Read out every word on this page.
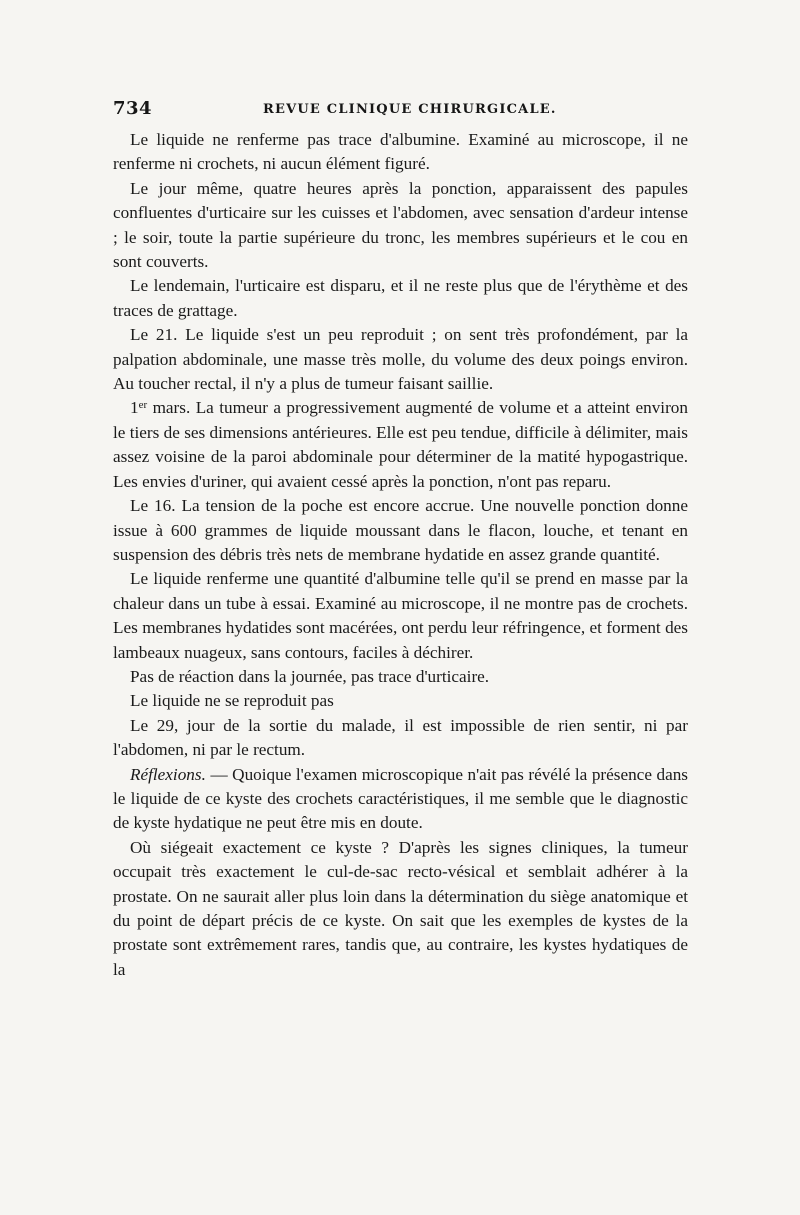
734	REVUE CLINIQUE CHIRURGICALE.

Le liquide ne renferme pas trace d'albumine. Examiné au microscope, il ne renferme ni crochets, ni aucun élément figuré.

Le jour même, quatre heures après la ponction, apparaissent des papules confluentes d'urticaire sur les cuisses et l'abdomen, avec sensation d'ardeur intense ; le soir, toute la partie supérieure du tronc, les membres supérieurs et le cou en sont couverts.

Le lendemain, l'urticaire est disparu, et il ne reste plus que de l'érythème et des traces de grattage.

Le 21. Le liquide s'est un peu reproduit ; on sent très profondément, par la palpation abdominale, une masse très molle, du volume des deux poings environ. Au toucher rectal, il n'y a plus de tumeur faisant saillie.

1er mars. La tumeur a progressivement augmenté de volume et a atteint environ le tiers de ses dimensions antérieures. Elle est peu tendue, difficile à délimiter, mais assez voisine de la paroi abdominale pour déterminer de la matité hypogastrique. Les envies d'uriner, qui avaient cessé après la ponction, n'ont pas reparu.

Le 16. La tension de la poche est encore accrue. Une nouvelle ponction donne issue à 600 grammes de liquide moussant dans le flacon, louche, et tenant en suspension des débris très nets de membrane hydatide en assez grande quantité.

Le liquide renferme une quantité d'albumine telle qu'il se prend en masse par la chaleur dans un tube à essai. Examiné au microscope, il ne montre pas de crochets. Les membranes hydatides sont macérées, ont perdu leur réfringence, et forment des lambeaux nuageux, sans contours, faciles à déchirer.

Pas de réaction dans la journée, pas trace d'urticaire.

Le liquide ne se reproduit pas

Le 29, jour de la sortie du malade, il est impossible de rien sentir, ni par l'abdomen, ni par le rectum.

Réflexions. — Quoique l'examen microscopique n'ait pas révélé la présence dans le liquide de ce kyste des crochets caractéristiques, il me semble que le diagnostic de kyste hydatique ne peut être mis en doute.

Où siégeait exactement ce kyste ? D'après les signes cliniques, la tumeur occupait très exactement le cul-de-sac recto-vésical et semblait adhérer à la prostate. On ne saurait aller plus loin dans la détermination du siège anatomique et du point de départ précis de ce kyste. On sait que les exemples de kystes de la prostate sont extrêmement rares, tandis que, au contraire, les kystes hydatiques de la
